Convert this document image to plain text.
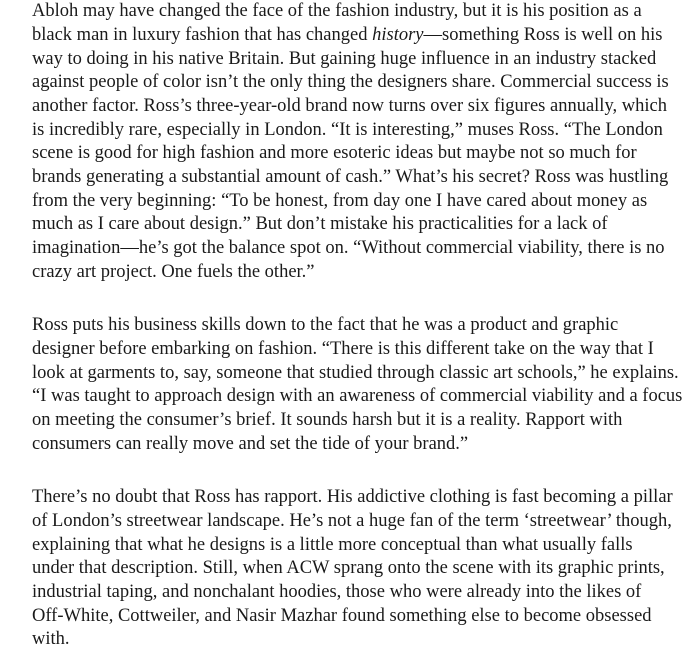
Abloh may have changed the face of the fashion industry, but it is his position as a

black man in luxury fashion that has changed history—something Ross is well on his

way to doing in his native Britain. But gaining huge influence in an industry stacked

against people of color isn’t the only thing the designers share. Commercial success is

another factor. Ross’s three-year-old brand now turns over six figures annually, which

is incredibly rare, especially in London. “It is interesting,” muses Ross. “The London

scene is good for high fashion and more esoteric ideas but maybe not so much for

brands generating a substantial amount of cash.” What’s his secret? Ross was hustling

from the very beginning: “To be honest, from day one I have cared about money as

much as I care about design.” But don’t mistake his practicalities for a lack of

imagination—he’s got the balance spot on. “Without commercial viability, there is no

crazy art project. One fuels the other.”

Ross puts his business skills down to the fact that he was a product and graphic

designer before embarking on fashion. “There is this different take on the way that I

look at garments to, say, someone that studied through classic art schools,” he explains.

“I was taught to approach design with an awareness of commercial viability and a focus

on meeting the consumer’s brief. It sounds harsh but it is a reality. Rapport with

consumers can really move and set the tide of your brand.”

There’s no doubt that Ross has rapport. His addictive clothing is fast becoming a pillar

of London’s streetwear landscape. He’s not a huge fan of the term ‘streetwear’ though,

explaining that what he designs is a little more conceptual than what usually falls

under that description. Still, when ACW sprang onto the scene with its graphic prints,

industrial taping, and nonchalant hoodies, those who were already into the likes of

Off-White, Cottweiler, and Nasir Mazhar found something else to become obsessed

with.
